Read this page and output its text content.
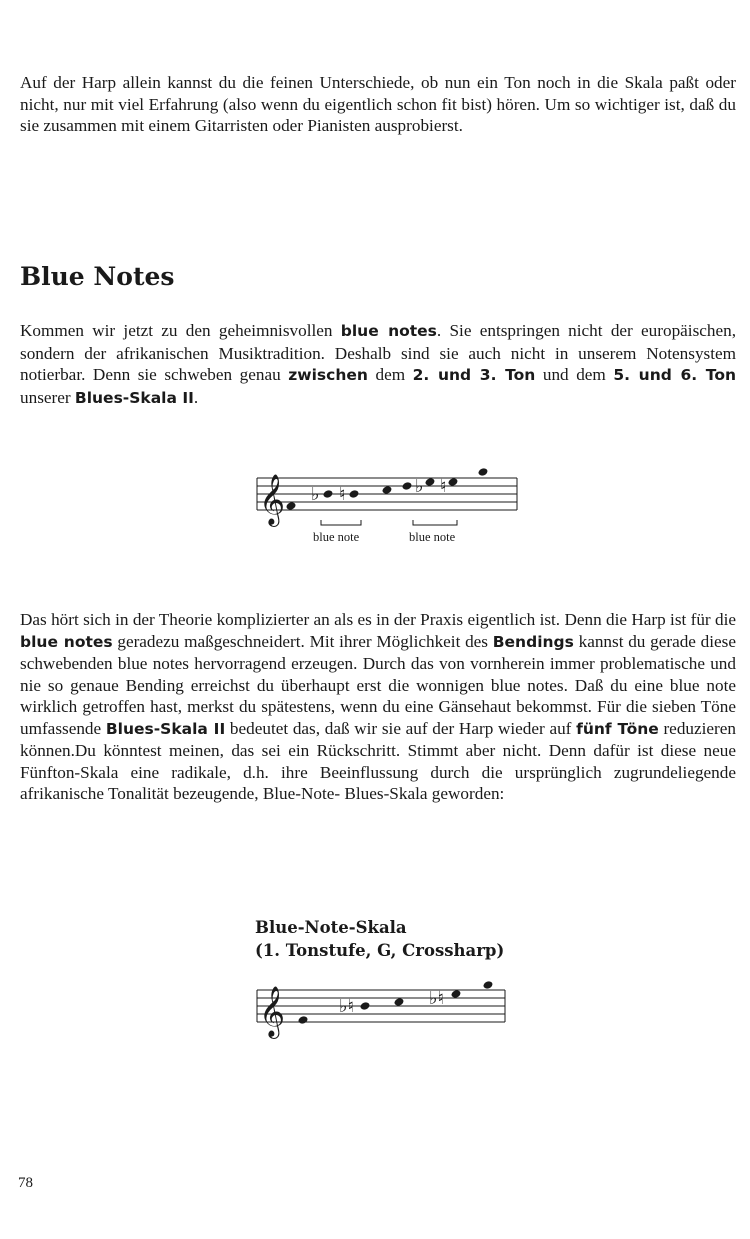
Auf der Harp allein kannst du die feinen Unterschiede, ob nun ein Ton noch in die Skala paßt oder nicht, nur mit viel Erfahrung (also wenn du eigentlich schon fit bist) hören. Um so wichtiger ist, daß du sie zusammen mit einem Gitarristen oder Pianisten ausprobierst.

Blue Notes

Kommen wir jetzt zu den geheimnisvollen blue notes. Sie entspringen nicht der europäischen, sondern der afrikanischen Musiktradition. Deshalb sind sie auch nicht in unserem Notensystem notierbar. Denn sie schweben genau zwischen dem 2. und 3. Ton und dem 5. und 6. Ton unserer Blues-Skala II.

𝄞 ♭ ♮	♭ ♮
blue note	blue note

Das hört sich in der Theorie komplizierter an als es in der Praxis eigentlich ist. Denn die Harp ist für die blue notes geradezu maßgeschneidert. Mit ihrer Möglichkeit des Bendings kannst du gerade diese schwebenden blue notes hervorragend erzeugen. Durch das von vornherein immer problematische und nie so genaue Bending erreichst du überhaupt erst die wonnigen blue notes. Daß du eine blue note wirklich getroffen hast, merkst du spätestens, wenn du eine Gänsehaut bekommst. Für die sieben Töne umfassende Blues-Skala II bedeutet das, daß wir sie auf der Harp wieder auf fünf Töne reduzieren können.Du könntest meinen, das sei ein Rückschritt. Stimmt aber nicht. Denn dafür ist diese neue Fünfton-Skala eine radikale, d.h. ihre Beeinflussung durch die ursprünglich zugrundeliegende afrikanische Tonalität bezeugende, Blue-Note- Blues-Skala geworden:

Blue-Note-Skala

(1. Tonstufe, G, Crossharp)

𝄞	♭♮	♭♮

78
